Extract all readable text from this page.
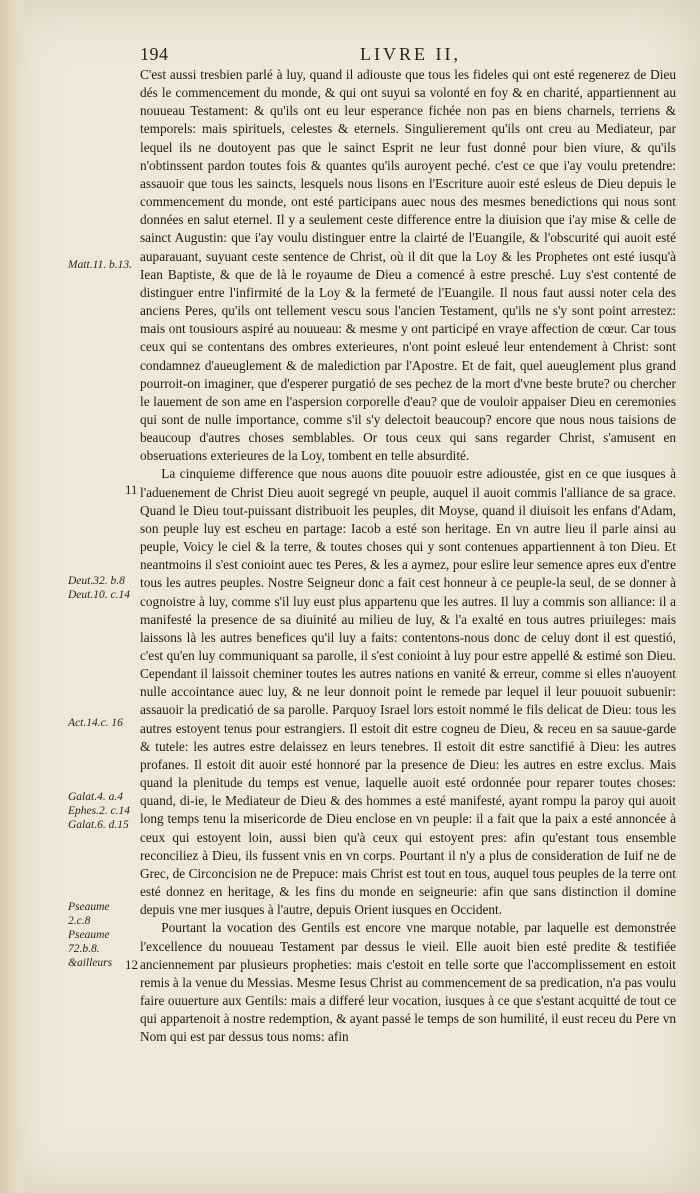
194	LIVRE II,
Matt.11. b.13.
Deut.32. b.8 Deut.10. c.14
Act.14.c. 16
Galat.4. a.4 Ephes.2. c.14 Galat.6. d.15
Pseaume 2.c.8 Pseaume 72.b.8. &ailleurs
11
12

C'est aussi tresbien parlé à luy, quand il adiouste que tous les fideles qui ont esté regenerez de Dieu dés le commencement du monde, & qui ont suyui sa volonté en foy & en charité, appartiennent au nouueau Testament: & qu'ils ont eu leur esperance fichée non pas en biens charnels, terriens & temporels: mais spirituels, celestes & eternels. Singulierement qu'ils ont creu au Mediateur, par lequel ils ne doutoyent pas que le sainct Esprit ne leur fust donné pour bien viure, & qu'ils n'obtinssent pardon toutes fois & quantes qu'ils auroyent peché. c'est ce que i'ay voulu pretendre: assauoir que tous les saincts, lesquels nous lisons en l'Escriture auoir esté esleus de Dieu depuis le commencement du monde, ont esté participans auec nous des mesmes benedictions qui nous sont données en salut eternel. Il y a seulement ceste difference entre la diuision que i'ay mise & celle de sainct Augustin: que i'ay voulu distinguer entre la clairté de l'Euangile, & l'obscurité qui auoit esté auparauant, suyuant ceste sentence de Christ, où il dit que la Loy & les Prophetes ont esté iusqu'à Iean Baptiste, & que de là le royaume de Dieu a comencé à estre presché. Luy s'est contenté de distinguer entre l'infirmité de la Loy & la fermeté de l'Euangile. Il nous faut aussi noter cela des anciens Peres, qu'ils ont tellement vescu sous l'ancien Testament, qu'ils ne s'y sont point arrestez: mais ont tousiours aspiré au nouueau: & mesme y ont participé en vraye affection de cœur. Car tous ceux qui se contentans des ombres exterieures, n'ont point esleué leur entendement à Christ: sont condamnez d'aueuglement & de malediction par l'Apostre. Et de fait, quel aueuglement plus grand pourroit-on imaginer, que d'esperer purgatió de ses pechez de la mort d'vne beste brute? ou chercher le lauement de son ame en l'aspersion corporelle d'eau? que de vouloir appaiser Dieu en ceremonies qui sont de nulle importance, comme s'il s'y delectoit beaucoup? encore que nous nous taisions de beaucoup d'autres choses semblables. Or tous ceux qui sans regarder Christ, s'amusent en obseruations exterieures de la Loy, tombent en telle absurdité.

La cinquieme difference que nous auons dite pouuoir estre adioustée, gist en ce que iusques à l'aduenement de Christ Dieu auoit segregé vn peuple, auquel il auoit commis l'alliance de sa grace. Quand le Dieu tout-puissant distribuoit les peuples, dit Moyse, quand il diuisoit les enfans d'Adam, son peuple luy est escheu en partage: Iacob a esté son heritage. En vn autre lieu il parle ainsi au peuple, Voicy le ciel & la terre, & toutes choses qui y sont contenues appartiennent à ton Dieu. Et neantmoins il s'est conioint auec tes Peres, & les a aymez, pour eslire leur semence apres eux d'entre tous les autres peuples. Nostre Seigneur donc a fait cest honneur à ce peuple-la seul, de se donner à cognoistre à luy, comme s'il luy eust plus appartenu que les autres. Il luy a commis son alliance: il a manifesté la presence de sa diuinité au milieu de luy, & l'a exalté en tous autres priuileges: mais laissons là les autres benefices qu'il luy a faits: contentons-nous donc de celuy dont il est questió, c'est qu'en luy communiquant sa parolle, il s'est conioint à luy pour estre appellé & estimé son Dieu. Cependant il laissoit cheminer toutes les autres nations en vanité & erreur, comme si elles n'auoyent nulle accointance auec luy, & ne leur donnoit point le remede par lequel il leur pouuoit subuenir: assauoir la predicatió de sa parolle. Parquoy Israel lors estoit nommé le fils delicat de Dieu: tous les autres estoyent tenus pour estrangiers. Il estoit dit estre cogneu de Dieu, & receu en sa sauue-garde & tutele: les autres estre delaissez en leurs tenebres. Il estoit dit estre sanctifié à Dieu: les autres profanes. Il estoit dit auoir esté honnoré par la presence de Dieu: les autres en estre exclus. Mais quand la plenitude du temps est venue, laquelle auoit esté ordonnée pour reparer toutes choses: quand, di-ie, le Mediateur de Dieu & des hommes a esté manifesté, ayant rompu la paroy qui auoit long temps tenu la misericorde de Dieu enclose en vn peuple: il a fait que la paix a esté annoncée à ceux qui estoyent loin, aussi bien qu'à ceux qui estoyent pres: afin qu'estant tous ensemble reconciliez à Dieu, ils fussent vnis en vn corps. Pourtant il n'y a plus de consideration de Iuif ne de Grec, de Circoncision ne de Prepuce: mais Christ est tout en tous, auquel tous peuples de la terre ont esté donnez en heritage, & les fins du monde en seigneurie: afin que sans distinction il domine depuis vne mer iusques à l'autre, depuis Orient iusques en Occident.

Pourtant la vocation des Gentils est encore vne marque notable, par laquelle est demonstrée l'excellence du nouueau Testament par dessus le vieil. Elle auoit bien esté predite & testifiée anciennement par plusieurs propheties: mais c'estoit en telle sorte que l'accomplissement en estoit remis à la venue du Messias. Mesme Iesus Christ au commencement de sa predication, n'a pas voulu faire ouuerture aux Gentils: mais a differé leur vocation, iusques à ce que s'estant acquitté de tout ce qui appartenoit à nostre redemption, & ayant passé le temps de son humilité, il eust receu du Pere vn Nom qui est par dessus tous noms: afin
